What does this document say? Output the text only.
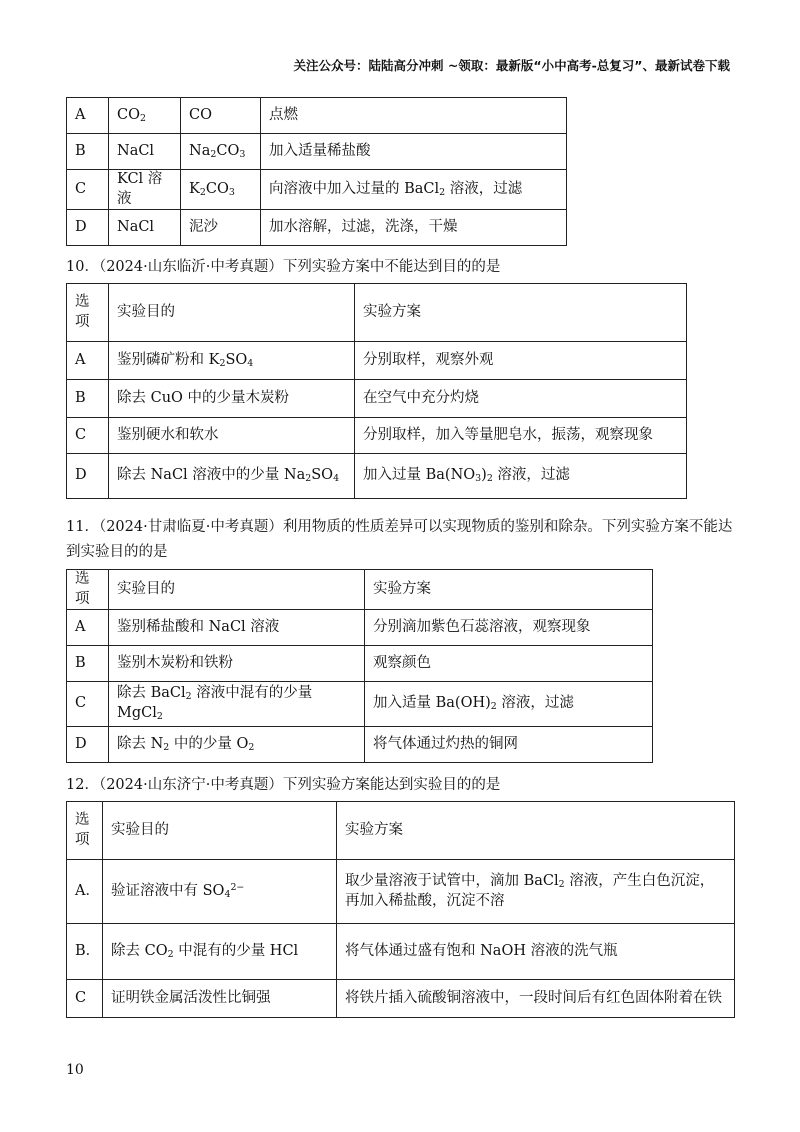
关注公众号：陆陆高分冲刺 ~领取：最新版“小中高考-总复习”、最新试卷下载
A	$CO_2$	CO	点燃
B	NaCl	$Na_2CO_3$	加入适量稀盐酸
C	KCl 溶液	$K_2CO_3$	向溶液中加入过量的 BaCl$_2$ 溶液，过滤
D	NaCl	泥沙	加水溶解，过滤，洗涤，干燥
10．（2024·山东临沂·中考真题）下列实验方案中不能达到目的的是
选项	实验目的	实验方案
A	鉴别磷矿粉和 $K_2SO_4$	分别取样，观察外观
B	除去 CuO 中的少量木炭粉	在空气中充分灼烧
C	鉴别硬水和软水	分别取样，加入等量肥皂水，振荡，观察现象
D	除去 NaCl 溶液中的少量 $Na_2SO_4$	加入过量 $Ba(NO_3)_2$ 溶液，过滤
11．（2024·甘肃临夏·中考真题）利用物质的性质差异可以实现物质的鉴别和除杂。下列实验方案不能达
到实验目的的是
选项	实验目的	实验方案
A	鉴别稀盐酸和 NaCl 溶液	分别滴加紫色石蕊溶液，观察现象
B	鉴别木炭粉和铁粉	观察颜色
C	除去 BaCl$_2$ 溶液中混有的少量 MgCl$_2$	加入适量 $Ba(OH)_2$ 溶液，过滤
D	除去 $N_2$ 中的少量 $O_2$	将气体通过灼热的铜网
12．（2024·山东济宁·中考真题）下列实验方案能达到实验目的的是
选项	实验目的	实验方案
A．	验证溶液中有 $SO_4^{2-}$	取少量溶液于试管中，滴加 BaCl$_2$ 溶液，产生白色沉淀，再加入稀盐酸，沉淀不溶
B．	除去 $CO_2$ 中混有的少量 HCl	将气体通过盛有饱和 NaOH 溶液的洗气瓶
C	证明铁金属活泼性比铜强	将铁片插入硫酸铜溶液中，一段时间后有红色固体附着在铁
10
